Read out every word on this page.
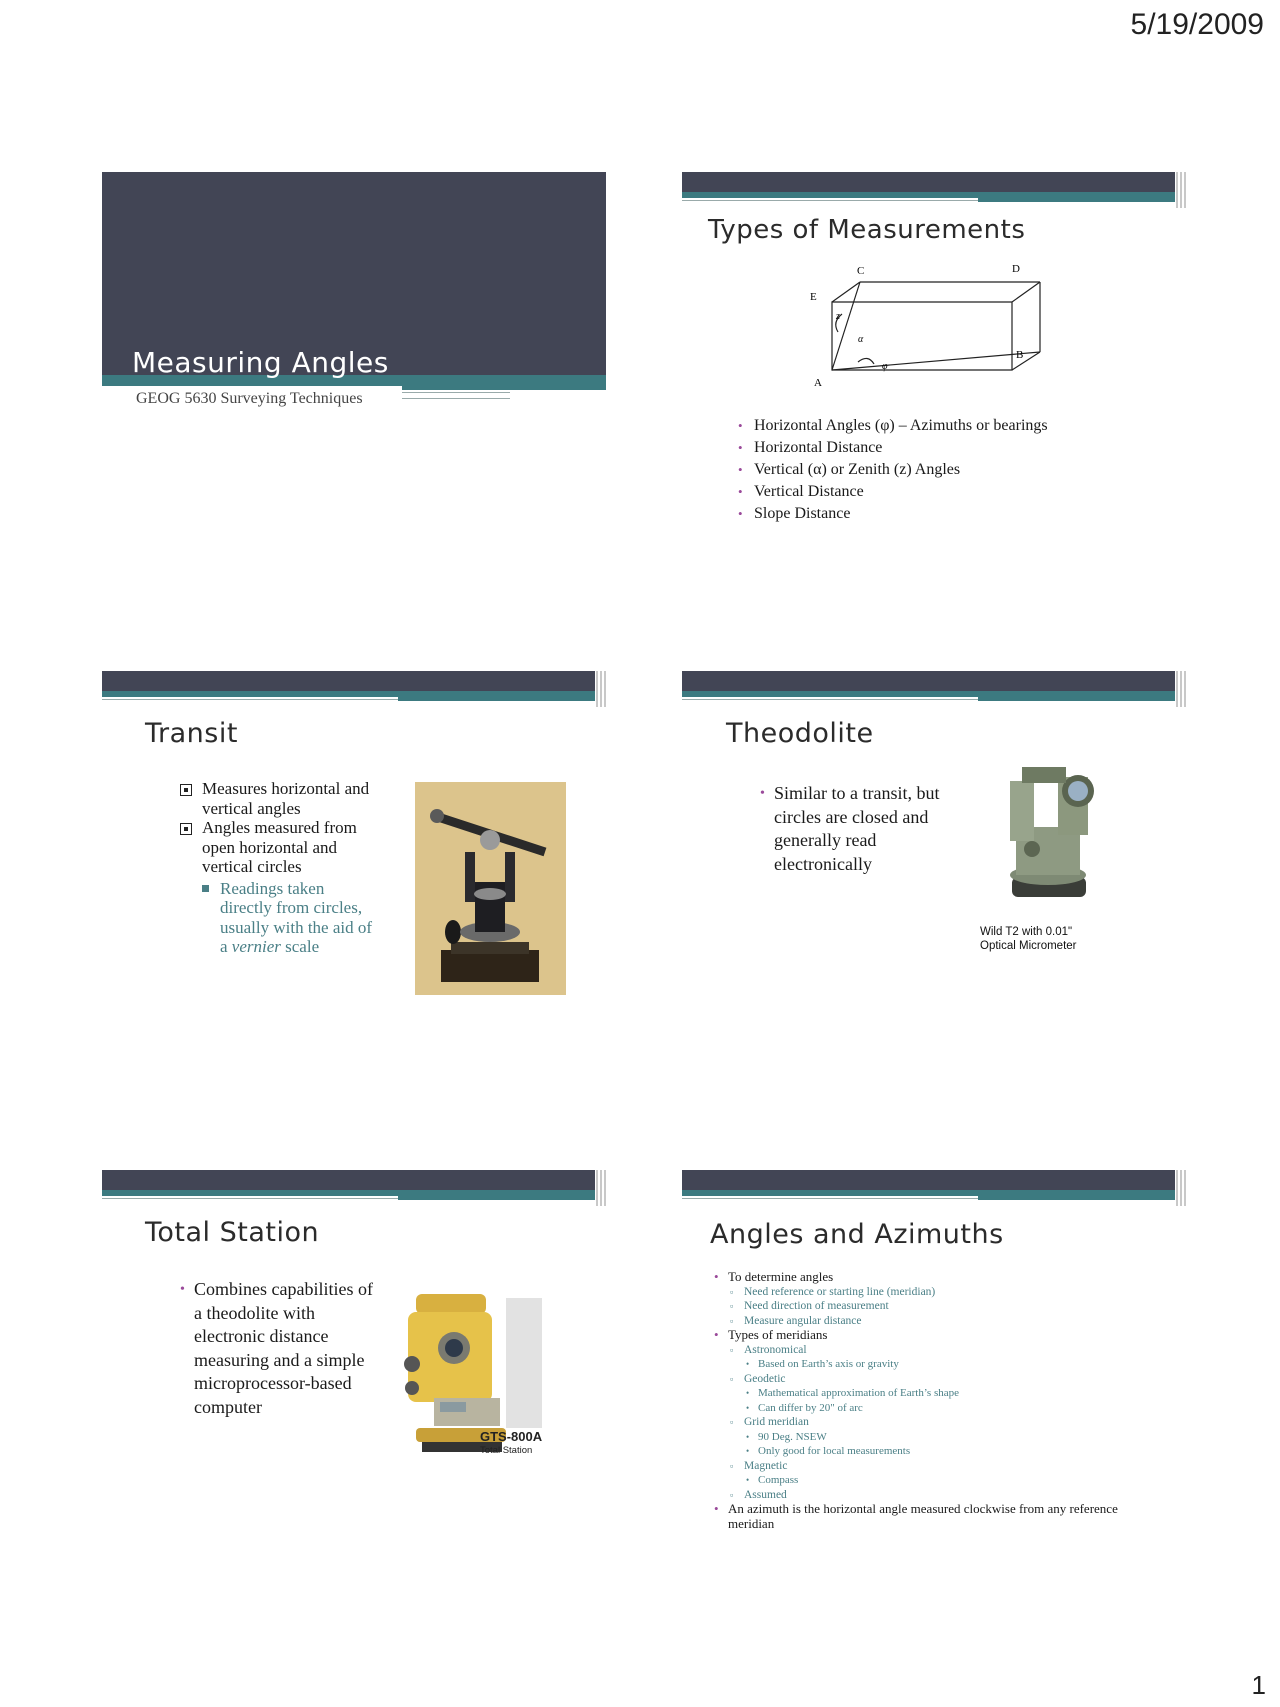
5/19/2009
1
Measuring Angles
GEOG 5630 Surveying Techniques
Types of Measurements
C	D
E
B
A
z
α
φ
• Horizontal Angles (φ) – Azimuths or bearings
• Horizontal Distance
• Vertical (α) or Zenith (z) Angles
• Vertical Distance
• Slope Distance
Transit
Measures horizontal and vertical angles
Angles measured from open horizontal and vertical circles
Readings taken directly from circles, usually with the aid of a vernier scale
Theodolite
• Similar to a transit, but circles are closed and generally read electronically
Wild T2 with 0.01"
Optical Micrometer
Total Station
• Combines capabilities of a theodolite with electronic distance measuring and a simple microprocessor-based computer
GTS-800A
Total Station
Angles and Azimuths
• To determine angles
▫ Need reference or starting line (meridian)
▫ Need direction of measurement
▫ Measure angular distance
• Types of meridians
▫ Astronomical
• Based on Earth’s axis or gravity
▫ Geodetic
• Mathematical approximation of Earth’s shape
• Can differ by 20" of arc
▫ Grid meridian
• 90 Deg. NSEW
• Only good for local measurements
▫ Magnetic
• Compass
▫ Assumed
• An azimuth is the horizontal angle measured clockwise from any reference meridian
